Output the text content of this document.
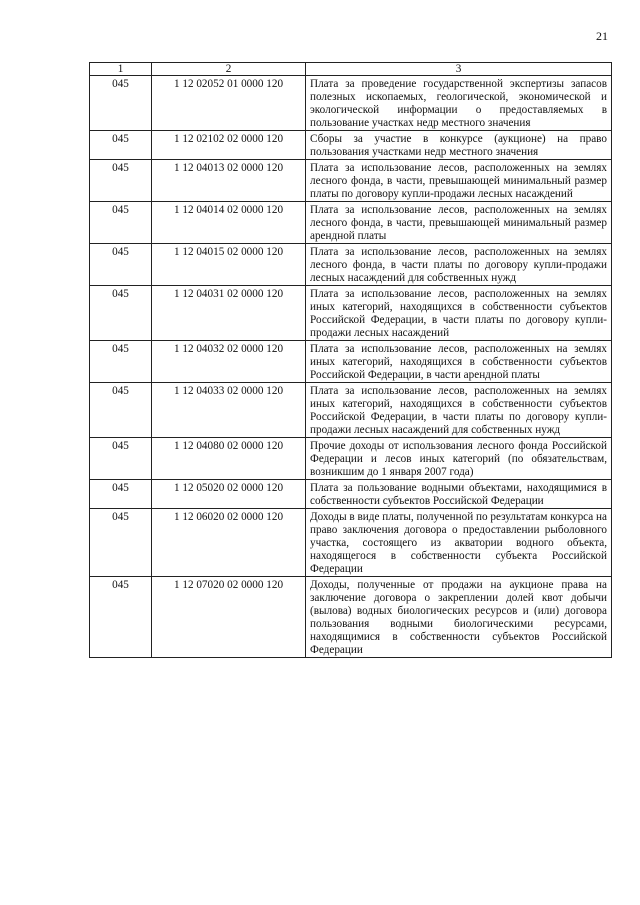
21
1	2	3
045	1 12 02052 01 0000 120	Плата за проведение государственной экспертизы запасов полезных ископаемых, геологической, экономической и экологической информации о предоставляемых в пользование участках недр местного значения
045	1 12 02102 02 0000 120	Сборы за участие в конкурсе (аукционе) на право пользования участками недр местного значения
045	1 12 04013 02 0000 120	Плата за использование лесов, расположенных на землях лесного фонда, в части, превышающей минимальный размер платы по договору купли-продажи лесных насаждений
045	1 12 04014 02 0000 120	Плата за использование лесов, расположенных на землях лесного фонда, в части, превышающей минимальный размер арендной платы
045	1 12 04015 02 0000 120	Плата за использование лесов, расположенных на землях лесного фонда, в части платы по договору купли-продажи лесных насаждений для собственных нужд
045	1 12 04031 02 0000 120	Плата за использование лесов, расположенных на землях иных категорий, находящихся в собственности субъектов Российской Федерации, в части платы по договору купли-продажи лесных насаждений
045	1 12 04032 02 0000 120	Плата за использование лесов, расположенных на землях иных категорий, находящихся в собственности субъектов Российской Федерации, в части арендной платы
045	1 12 04033 02 0000 120	Плата за использование лесов, расположенных на землях иных категорий, находящихся в собственности субъектов Российской Федерации, в части платы по договору купли-продажи лесных насаждений для собственных нужд
045	1 12 04080 02 0000 120	Прочие доходы от использования лесного фонда Российской Федерации и лесов иных категорий (по обязательствам, возникшим до 1 января 2007 года)
045	1 12 05020 02 0000 120	Плата за пользование водными объектами, находящимися в собственности субъектов Российской Федерации
045	1 12 06020 02 0000 120	Доходы в виде платы, полученной по результатам конкурса на право заключения договора о предоставлении рыболовного участка, состоящего из акватории водного объекта, находящегося в собственности субъекта Российской Федерации
045	1 12 07020 02 0000 120	Доходы, полученные от продажи на аукционе права на заключение договора о закреплении долей квот добычи (вылова) водных биологических ресурсов и (или) договора пользования водными биологическими ресурсами, находящимися в собственности субъектов Российской Федерации
